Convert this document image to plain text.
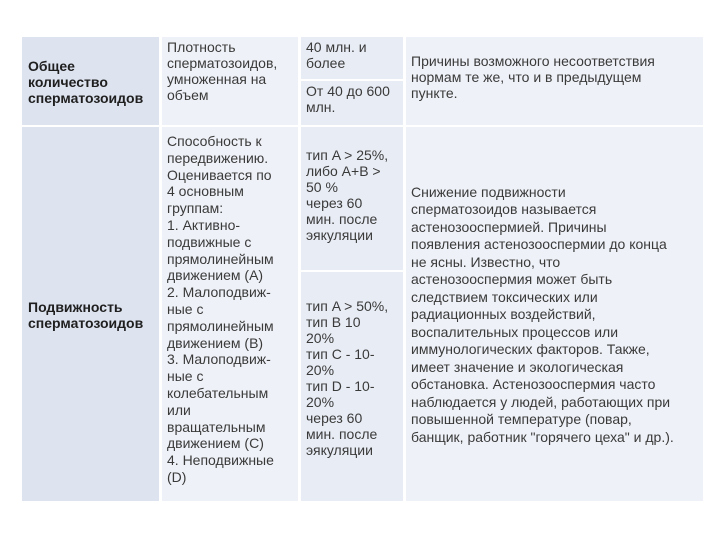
Общее
количество
сперматозоидов
Плотность
сперматозоидов,
умноженная на
объем
40 млн. и
более
От 40 до 600
млн.
Причины возможного несоответствия
нормам те же, что и в предыдущем
пункте.
Подвижность
сперматозоидов
Способность к
передвижению.
Оценивается по
4 основным
группам:
1. Активно-
подвижные с
прямолинейным
движением (A)
2. Малоподвиж-
ные с
прямолинейным
движением (B)
3. Малоподвиж-
ные с
колебательным
или
вращательным
движением (C)
4. Неподвижные
(D)
тип A > 25%,
либо A+B >
50 %
через 60
мин. после
эякуляции
тип A > 50%,
тип B 10
20%
тип C - 10-
20%
тип D - 10-
20%
через 60
мин. после
эякуляции
Снижение подвижности
сперматозоидов называется
астенозооспермией. Причины
появления астенозооспермии до конца
не ясны. Известно, что
астенозооспермия может быть
следствием токсических или
радиационных воздействий,
воспалительных процессов или
иммунологических факторов. Также,
имеет значение и экологическая
обстановка. Астенозооспермия часто
наблюдается у людей, работающих при
повышенной температуре (повар,
банщик, работник "горячего цеха" и др.).
